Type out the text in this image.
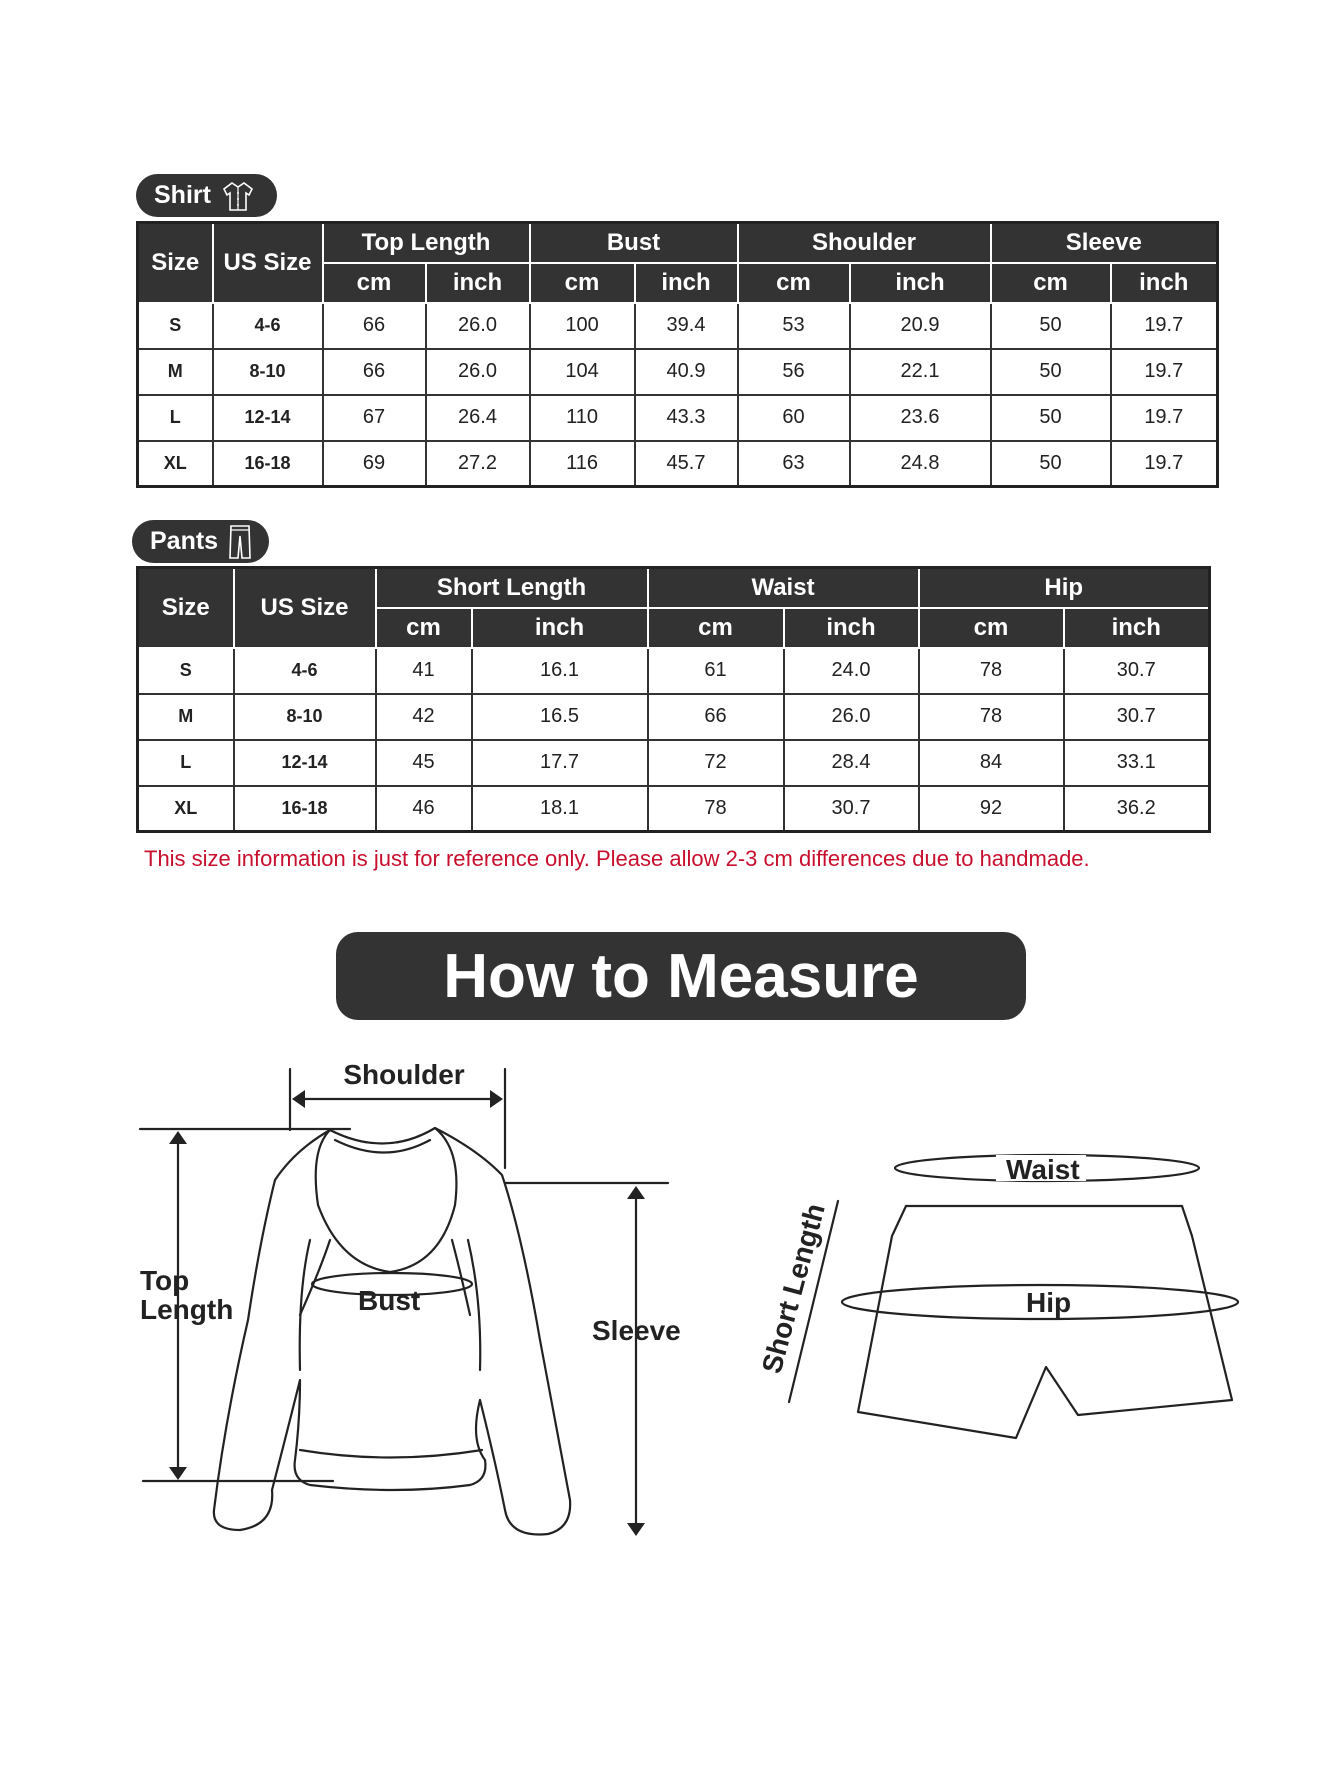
Shirt
Size	US Size	Top Length		Bust		Shoulder		Sleeve	
		cm	inch	cm	inch	cm	inch	cm	inch
S	4-6	66	26.0	100	39.4	53	20.9	50	19.7
M	8-10	66	26.0	104	40.9	56	22.1	50	19.7
L	12-14	67	26.4	110	43.3	60	23.6	50	19.7
XL	16-18	69	27.2	116	45.7	63	24.8	50	19.7
Pants
Size	US Size	Short Length		Waist		Hip	
		cm	inch	cm	inch	cm	inch
S	4-6	41	16.1	61	24.0	78	30.7
M	8-10	42	16.5	66	26.0	78	30.7
L	12-14	45	17.7	72	28.4	84	33.1
XL	16-18	46	18.1	78	30.7	92	36.2
This size information is just for reference only. Please allow 2-3 cm differences due to handmade.
How to Measure
Shoulder
Top
Length	Bust
Sleeve
Waist
Hip
Short Length
